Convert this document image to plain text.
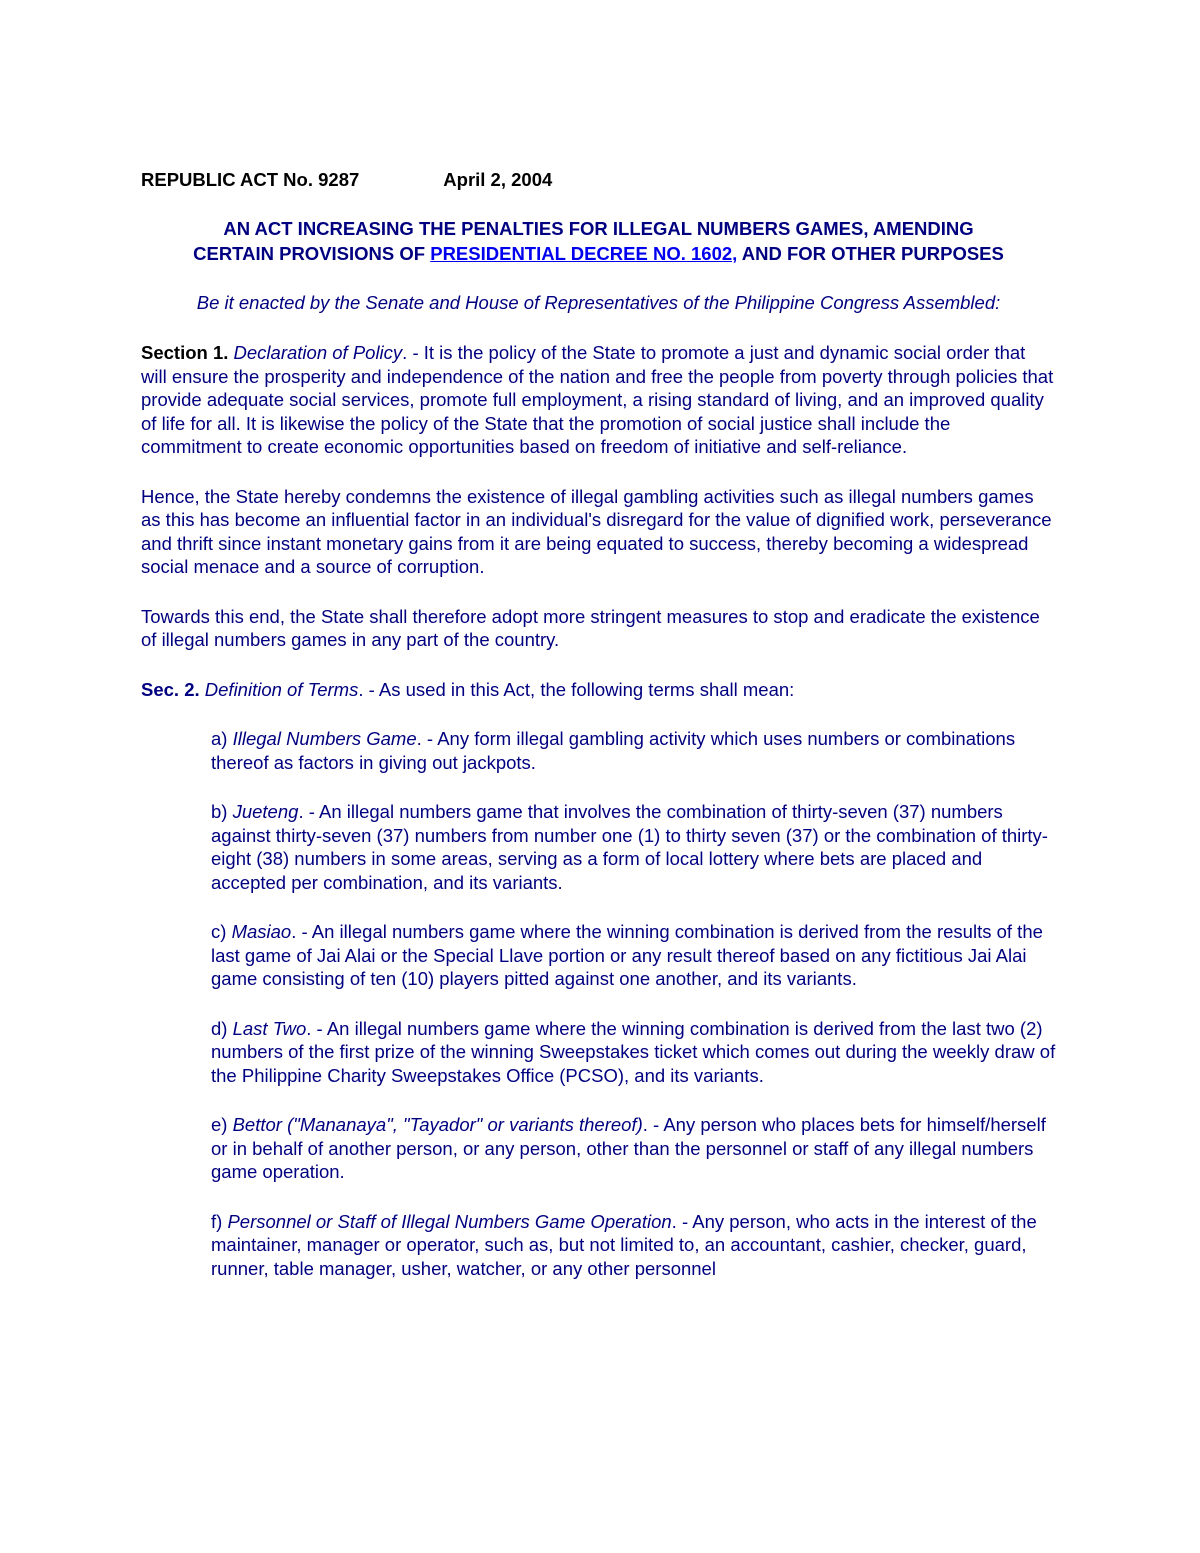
REPUBLIC ACT No. 9287	April 2, 2004
AN ACT INCREASING THE PENALTIES FOR ILLEGAL NUMBERS GAMES, AMENDING
CERTAIN PROVISIONS OF PRESIDENTIAL DECREE NO. 1602, AND FOR OTHER PURPOSES

Be it enacted by the Senate and House of Representatives of the Philippine Congress Assembled:

Section 1. Declaration of Policy. - It is the policy of the State to promote a just and dynamic social order that will ensure the prosperity and independence of the nation and free the people from poverty through policies that provide adequate social services, promote full employment, a rising standard of living, and an improved quality of life for all. It is likewise the policy of the State that the promotion of social justice shall include the commitment to create economic opportunities based on freedom of initiative and self-reliance.

Hence, the State hereby condemns the existence of illegal gambling activities such as illegal numbers games as this has become an influential factor in an individual's disregard for the value of dignified work, perseverance and thrift since instant monetary gains from it are being equated to success, thereby becoming a widespread social menace and a source of corruption.

Towards this end, the State shall therefore adopt more stringent measures to stop and eradicate the existence of illegal numbers games in any part of the country.

Sec. 2. Definition of Terms. - As used in this Act, the following terms shall mean:

a) Illegal Numbers Game. - Any form illegal gambling activity which uses numbers or combinations thereof as factors in giving out jackpots.

b) Jueteng. - An illegal numbers game that involves the combination of thirty-seven (37) numbers against thirty-seven (37) numbers from number one (1) to thirty seven (37) or the combination of thirty-eight (38) numbers in some areas, serving as a form of local lottery where bets are placed and accepted per combination, and its variants.

c) Masiao. - An illegal numbers game where the winning combination is derived from the results of the last game of Jai Alai or the Special Llave portion or any result thereof based on any fictitious Jai Alai game consisting of ten (10) players pitted against one another, and its variants.

d) Last Two. - An illegal numbers game where the winning combination is derived from the last two (2) numbers of the first prize of the winning Sweepstakes ticket which comes out during the weekly draw of the Philippine Charity Sweepstakes Office (PCSO), and its variants.

e) Bettor ("Mananaya", "Tayador" or variants thereof). - Any person who places bets for himself/herself or in behalf of another person, or any person, other than the personnel or staff of any illegal numbers game operation.

f) Personnel or Staff of Illegal Numbers Game Operation. - Any person, who acts in the interest of the maintainer, manager or operator, such as, but not limited to, an accountant, cashier, checker, guard, runner, table manager, usher, watcher, or any other personnel
